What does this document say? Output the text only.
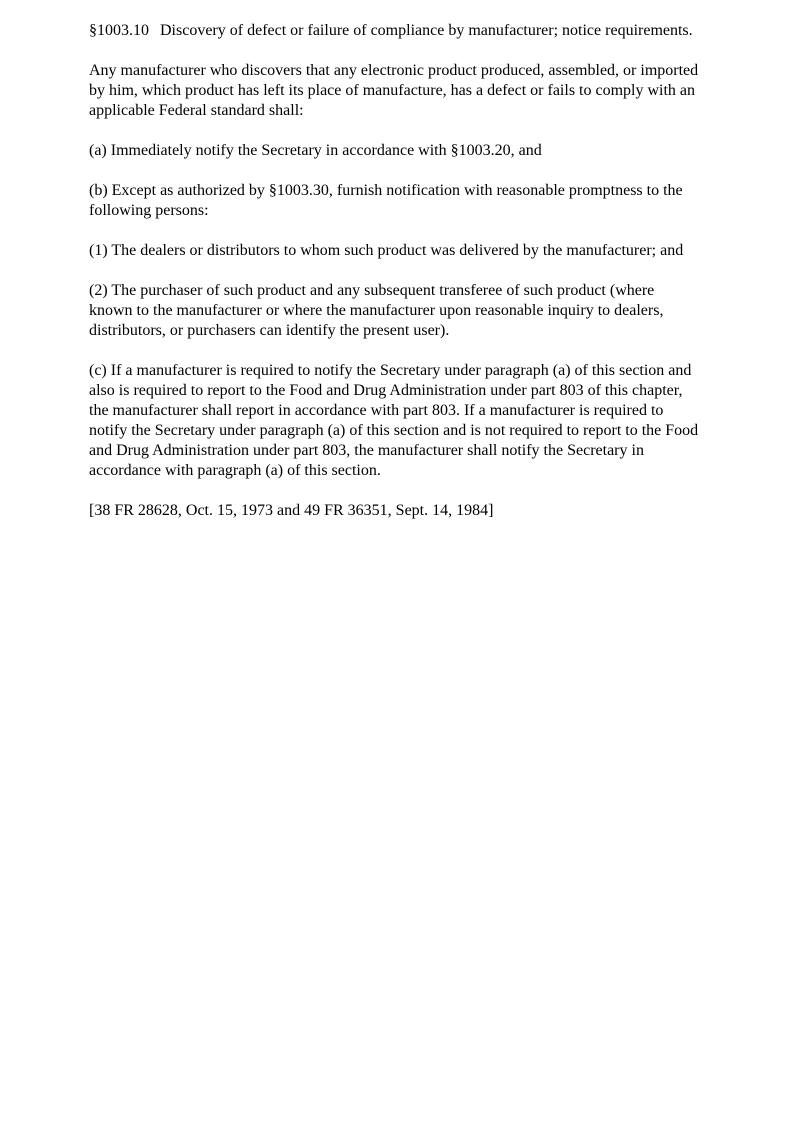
§1003.10 Discovery of defect or failure of compliance by manufacturer; notice requirements.

Any manufacturer who discovers that any electronic product produced, assembled, or imported by him, which product has left its place of manufacture, has a defect or fails to comply with an applicable Federal standard shall:

(a) Immediately notify the Secretary in accordance with §1003.20, and

(b) Except as authorized by §1003.30, furnish notification with reasonable promptness to the following persons:

(1) The dealers or distributors to whom such product was delivered by the manufacturer; and

(2) The purchaser of such product and any subsequent transferee of such product (where known to the manufacturer or where the manufacturer upon reasonable inquiry to dealers, distributors, or purchasers can identify the present user).

(c) If a manufacturer is required to notify the Secretary under paragraph (a) of this section and also is required to report to the Food and Drug Administration under part 803 of this chapter, the manufacturer shall report in accordance with part 803. If a manufacturer is required to notify the Secretary under paragraph (a) of this section and is not required to report to the Food and Drug Administration under part 803, the manufacturer shall notify the Secretary in accordance with paragraph (a) of this section.

[38 FR 28628, Oct. 15, 1973 and 49 FR 36351, Sept. 14, 1984]
